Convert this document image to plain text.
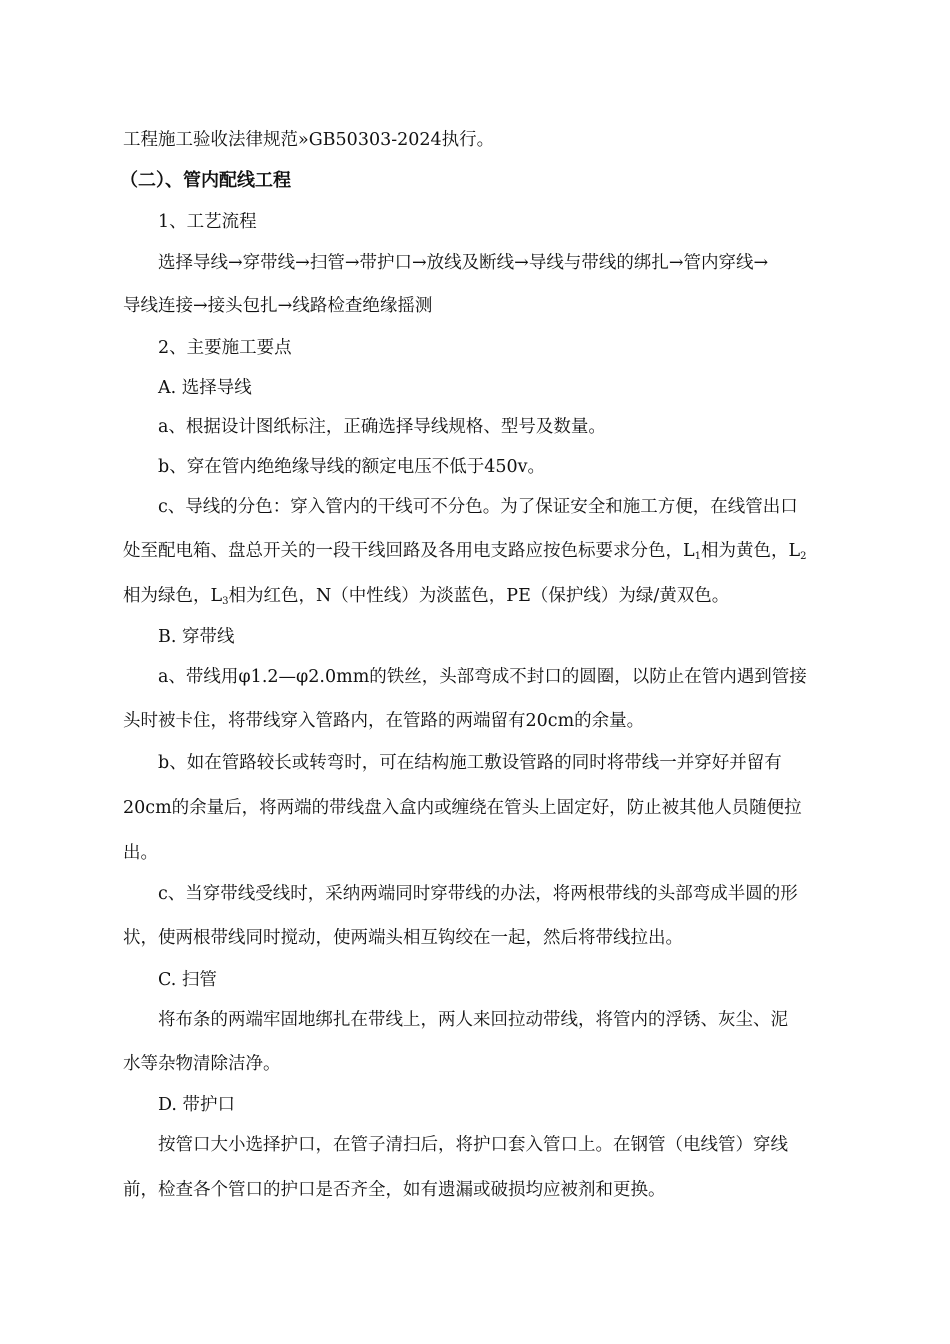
工程施工验收法律规范»GB50303-2024执行。
（二）、管内配线工程
1、工艺流程
选择导线→穿带线→扫管→带护口→放线及断线→导线与带线的绑扎→管内穿线→
导线连接→接头包扎→线路检查绝缘摇测
2、主要施工要点
A. 选择导线
a、根据设计图纸标注，正确选择导线规格、型号及数量。
b、穿在管内绝绝缘导线的额定电压不低于450v。
c、导线的分色：穿入管内的干线可不分色。为了保证安全和施工方便，在线管出口
处至配电箱、盘总开关的一段干线回路及各用电支路应按色标要求分色，$L_1$相为黄色，$L_2$
相为绿色，$L_3$相为红色，N（中性线）为淡蓝色，PE（保护线）为绿/黄双色。
B. 穿带线
a、带线用φ1.2—φ2.0mm的铁丝，头部弯成不封口的圆圈，以防止在管内遇到管接
头时被卡住，将带线穿入管路内，在管路的两端留有20cm的余量。
b、如在管路较长或转弯时，可在结构施工敷设管路的同时将带线一并穿好并留有
20cm的余量后，将两端的带线盘入盒内或缠绕在管头上固定好，防止被其他人员随便拉
出。
c、当穿带线受线时，采纳两端同时穿带线的办法，将两根带线的头部弯成半圆的形
状，使两根带线同时搅动，使两端头相互钩绞在一起，然后将带线拉出。
C. 扫管
将布条的两端牢固地绑扎在带线上，两人来回拉动带线，将管内的浮锈、灰尘、泥
水等杂物清除洁净。
D. 带护口
按管口大小选择护口，在管子清扫后，将护口套入管口上。在钢管（电线管）穿线
前，检查各个管口的护口是否齐全，如有遗漏或破损均应被剂和更换。
